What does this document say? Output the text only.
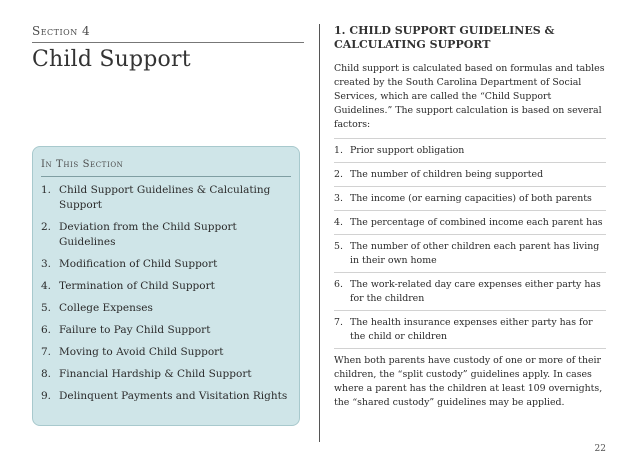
Section 4
Child Support
In This Section
1. Child Support Guidelines & Calculating Support
2. Deviation from the Child Support Guidelines
3. Modification of Child Support
4. Termination of Child Support
5. College Expenses
6. Failure to Pay Child Support
7. Moving to Avoid Child Support
8. Financial Hardship & Child Support
9. Delinquent Payments and Visitation Rights
1. CHILD SUPPORT GUIDELINES & CALCULATING SUPPORT
Child support is calculated based on formulas and tables created by the South Carolina Department of Social Services, which are called the “Child Support Guidelines.” The support calculation is based on several factors:
1. Prior support obligation
2. The number of children being supported
3. The income (or earning capacities) of both parents
4. The percentage of combined income each parent has
5. The number of other children each parent has living in their own home
6. The work-related day care expenses either party has for the children
7. The health insurance expenses either party has for the child or children
When both parents have custody of one or more of their children, the “split custody” guidelines apply. In cases where a parent has the children at least 109 overnights, the “shared custody” guidelines may be applied.
22
